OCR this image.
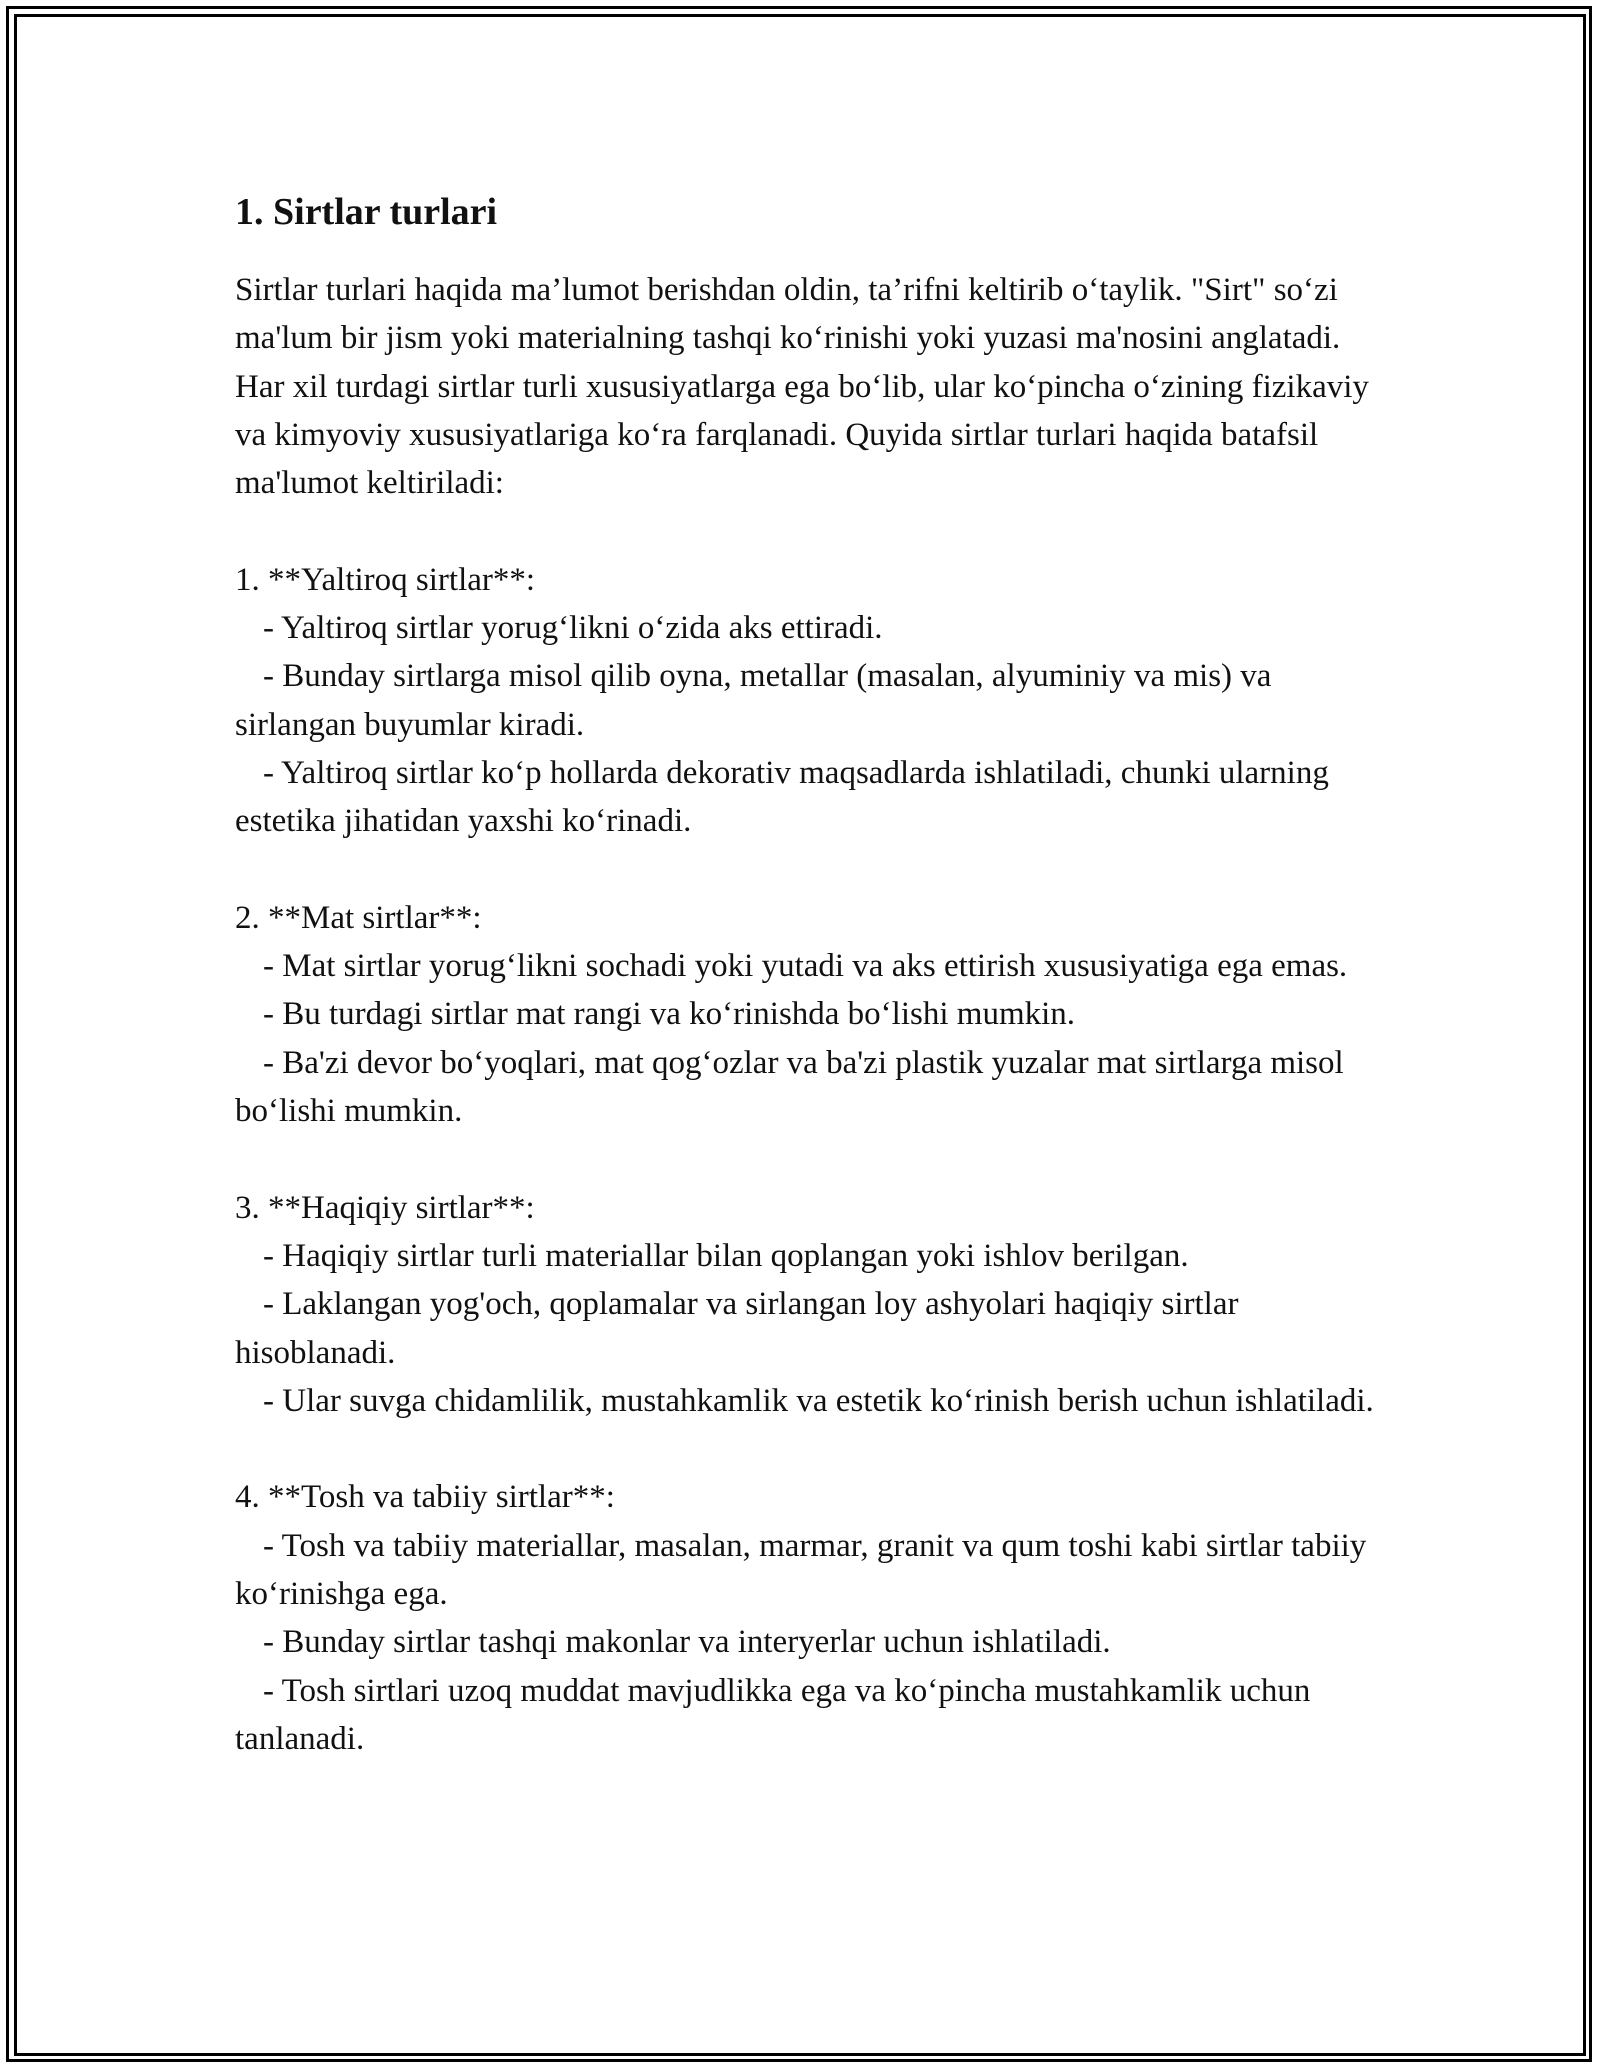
1. Sirtlar turlari

Sirtlar turlari haqida ma’lumot berishdan oldin, ta’rifni keltirib o‘taylik. "Sirt" so‘zi ma'lum bir jism yoki materialning tashqi ko‘rinishi yoki yuzasi ma'nosini anglatadi. Har xil turdagi sirtlar turli xususiyatlarga ega bo‘lib, ular ko‘pincha o‘zining fizikaviy va kimyoviy xususiyatlariga ko‘ra farqlanadi. Quyida sirtlar turlari haqida batafsil ma'lumot keltiriladi:

1. **Yaltiroq sirtlar**:

- Yaltiroq sirtlar yorug‘likni o‘zida aks ettiradi.

- Bunday sirtlarga misol qilib oyna, metallar (masalan, alyuminiy va mis) va sirlangan buyumlar kiradi.

- Yaltiroq sirtlar ko‘p hollarda dekorativ maqsadlarda ishlatiladi, chunki ularning estetika jihatidan yaxshi ko‘rinadi.

2. **Mat sirtlar**:

- Mat sirtlar yorug‘likni sochadi yoki yutadi va aks ettirish xususiyatiga ega emas.

- Bu turdagi sirtlar mat rangi va ko‘rinishda bo‘lishi mumkin.

- Ba'zi devor bo‘yoqlari, mat qog‘ozlar va ba'zi plastik yuzalar mat sirtlarga misol bo‘lishi mumkin.

3. **Haqiqiy sirtlar**:

- Haqiqiy sirtlar turli materiallar bilan qoplangan yoki ishlov berilgan.

- Laklangan yog'och, qoplamalar va sirlangan loy ashyolari haqiqiy sirtlar hisoblanadi.

- Ular suvga chidamlilik, mustahkamlik va estetik ko‘rinish berish uchun ishlatiladi.

4. **Tosh va tabiiy sirtlar**:

- Tosh va tabiiy materiallar, masalan, marmar, granit va qum toshi kabi sirtlar tabiiy ko‘rinishga ega.

- Bunday sirtlar tashqi makonlar va interyerlar uchun ishlatiladi.

- Tosh sirtlari uzoq muddat mavjudlikka ega va ko‘pincha mustahkamlik uchun tanlanadi.
